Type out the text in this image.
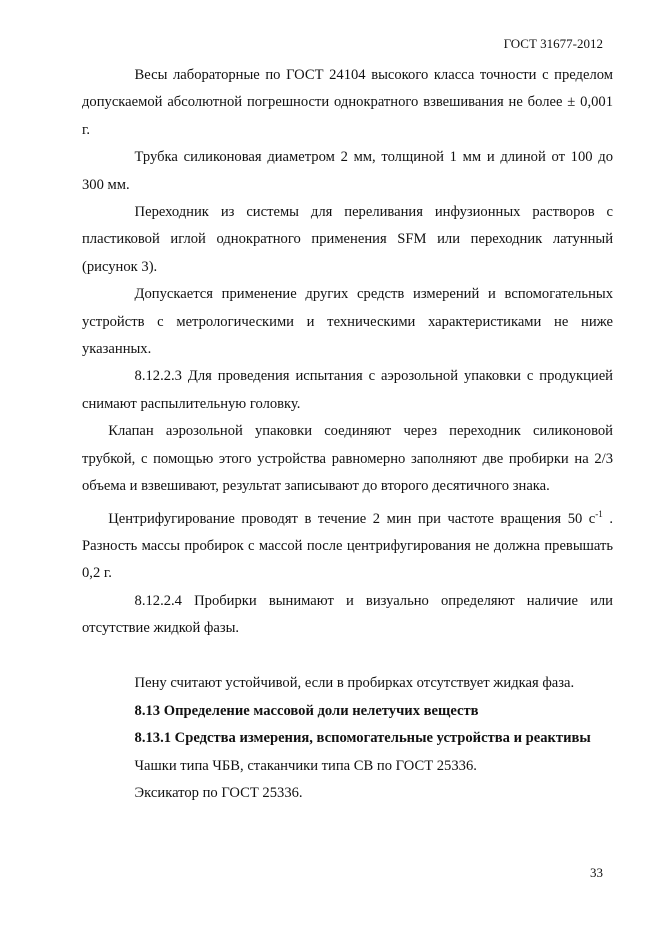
ГОСТ 31677-2012

Весы лабораторные по ГОСТ 24104 высокого класса точности с пределом допускаемой абсолютной погрешности однократного взвешивания не более ± 0,001 г.

Трубка силиконовая диаметром 2 мм, толщиной 1 мм и длиной от 100 до 300 мм.

Переходник из системы для переливания инфузионных растворов с пластиковой иглой однократного применения SFM или переходник латунный (рисунок 3).

Допускается применение других средств измерений и вспомогательных устройств с метрологическими и техническими характеристиками не ниже указанных.

8.12.2.3 Для проведения испытания с аэрозольной упаковки с продукцией снимают распылительную головку.

Клапан аэрозольной упаковки соединяют через переходник силиконовой трубкой, с помощью этого устройства равномерно заполняют две пробирки на 2/3 объема и взвешивают, результат записывают до второго десятичного знака.

Центрифугирование проводят в течение 2 мин при частоте вращения 50 $с^{-1}$ . Разность массы пробирок с массой после центрифугирования не должна превышать 0,2 г.

8.12.2.4 Пробирки вынимают и визуально определяют наличие или отсутствие жидкой фазы.

Пену считают устойчивой, если в пробирках отсутствует жидкая фаза.

8.13 Определение массовой доли нелетучих веществ

8.13.1 Средства измерения, вспомогательные устройства и реактивы

Чашки типа ЧБВ, стаканчики типа СВ по ГОСТ 25336.

Эксикатор по ГОСТ 25336.

33
